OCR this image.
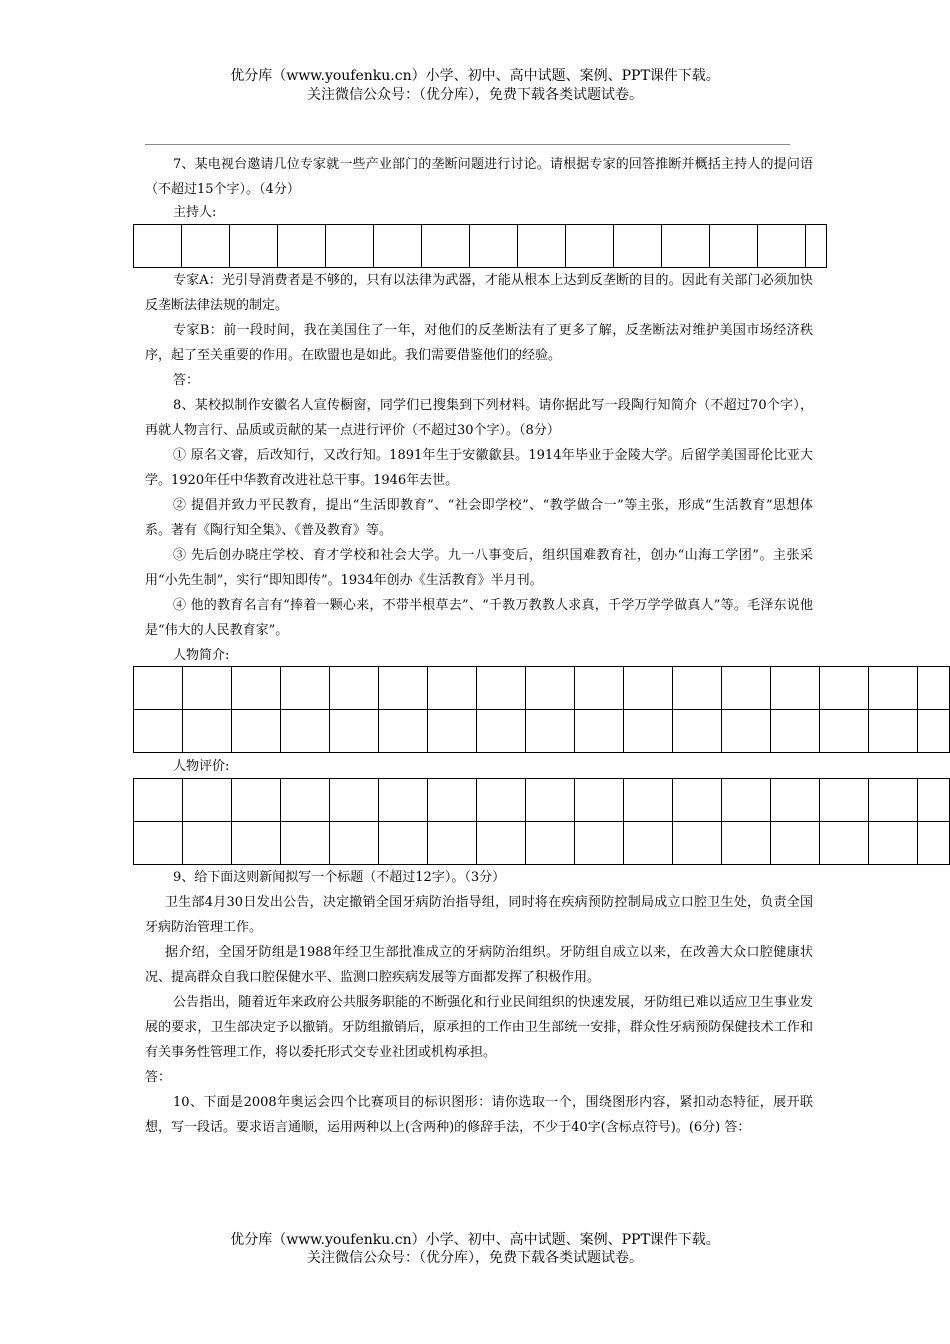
优分库（www.youfenku.cn）小学、初中、高中试题、案例、PPT课件下载。
关注微信公众号：（优分库），免费下载各类试题试卷。

7、某电视台邀请几位专家就一些产业部门的垄断问题进行讨论。请根据专家的回答推断并概括主持人的提问语（不超过15个字）。（4分）

主持人:

专家A：光引导消费者是不够的，只有以法律为武器，才能从根本上达到反垄断的目的。因此有关部门必须加快反垄断法律法规的制定。

专家B：前一段时间，我在美国住了一年，对他们的反垄断法有了更多了解，反垄断法对维护美国市场经济秩序，起了至关重要的作用。在欧盟也是如此。我们需要借鉴他们的经验。

答：

8、某校拟制作安徽名人宣传橱窗，同学们已搜集到下列材料。请你据此写一段陶行知简介（不超过70个字），再就人物言行、品质或贡献的某一点进行评价（不超过30个字）。（8分）

① 原名文睿，后改知行，又改行知。1891年生于安徽歙县。1914年毕业于金陵大学。后留学美国哥伦比亚大学。1920年任中华教育改进社总干事。1946年去世。

② 提倡并致力平民教育，提出“生活即教育”、“社会即学校”、“教学做合一”等主张，形成“生活教育”思想体系。著有《陶行知全集》、《普及教育》等。

③ 先后创办晓庄学校、育才学校和社会大学。九一八事变后，组织国难教育社，创办“山海工学团”。主张采用“小先生制”，实行“即知即传”。1934年创办《生活教育》半月刊。

④ 他的教育名言有“捧着一颗心来，不带半根草去”、“千教万教教人求真，千学万学学做真人”等。毛泽东说他是“伟大的人民教育家”。

人物简介:

人物评价:

9、给下面这则新闻拟写一个标题（不超过12字）。（3分）

卫生部4月30日发出公告，决定撤销全国牙病防治指导组，同时将在疾病预防控制局成立口腔卫生处，负责全国牙病防治管理工作。

据介绍，全国牙防组是1988年经卫生部批准成立的牙病防治组织。牙防组自成立以来，在改善大众口腔健康状况、提高群众自我口腔保健水平、监测口腔疾病发展等方面都发挥了积极作用。

公告指出，随着近年来政府公共服务职能的不断强化和行业民间组织的快速发展，牙防组已难以适应卫生事业发展的要求，卫生部决定予以撤销。牙防组撤销后，原承担的工作由卫生部统一安排，群众性牙病预防保健技术工作和有关事务性管理工作，将以委托形式交专业社团或机构承担。

答：

10、下面是2008年奥运会四个比赛项目的标识图形：请你选取一个，围绕图形内容，紧扣动态特征，展开联想，写一段话。要求语言通顺，运用两种以上(含两种)的修辞手法，不少于40字(含标点符号)。(6分) 答：

优分库（www.youfenku.cn）小学、初中、高中试题、案例、PPT课件下载。
关注微信公众号：（优分库），免费下载各类试题试卷。
